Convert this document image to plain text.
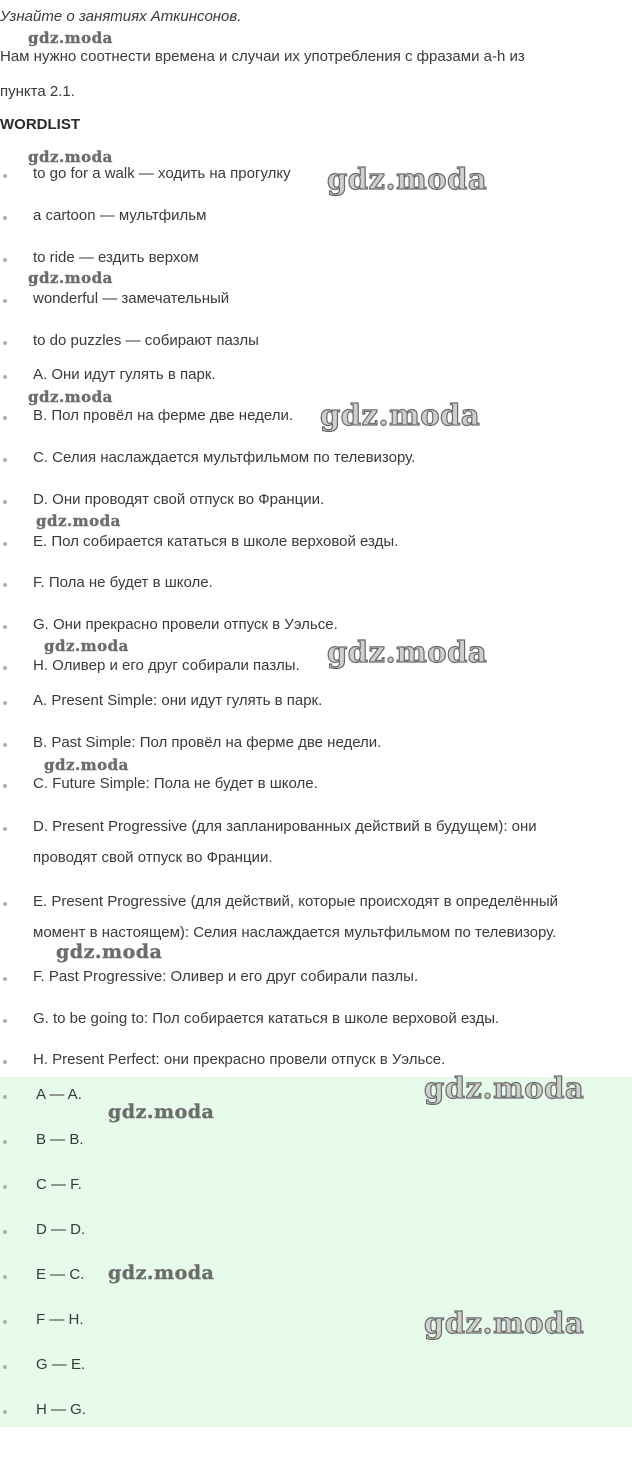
Узнайте о занятиях Аткинсонов.
Нам нужно соотнести времена и случаи их употребления с фразами a-h из
пункта 2.1.
WORDLIST
to go for a walk — ходить на прогулку
a cartoon — мультфильм
to ride — ездить верхом
wonderful — замечательный
to do puzzles — собирают пазлы
A. Они идут гулять в парк.
B. Пол провёл на ферме две недели.
C. Селия наслаждается мультфильмом по телевизору.
D. Они проводят свой отпуск во Франции.
E. Пол собирается кататься в школе верховой езды.
F. Пола не будет в школе.
G. Они прекрасно провели отпуск в Уэльсе.
H. Оливер и его друг собирали пазлы.
A. Present Simple: они идут гулять в парк.
B. Past Simple: Пол провёл на ферме две недели.
C. Future Simple: Пола не будет в школе.
D. Present Progressive (для запланированных действий в будущем): они
проводят свой отпуск во Франции.
E. Present Progressive (для действий, которые происходят в определённый
момент в настоящем): Селия наслаждается мультфильмом по телевизору.
F. Past Progressive: Оливер и его друг собирали пазлы.
G. to be going to: Пол собирается кататься в школе верховой езды.
H. Present Perfect: они прекрасно провели отпуск в Уэльсе.
A — A.
B — B.
C — F.
D — D.
E — C.
F — H.
G — E.
H — G.
gdz.moda
gdz.moda
gdz.moda
gdz.moda
gdz.moda
gdz.moda
gdz.moda
gdz.moda	gdz.moda
gdz.moda
gdz.moda
gdz.moda
gdz.moda
gdz.moda
gdz.moda
